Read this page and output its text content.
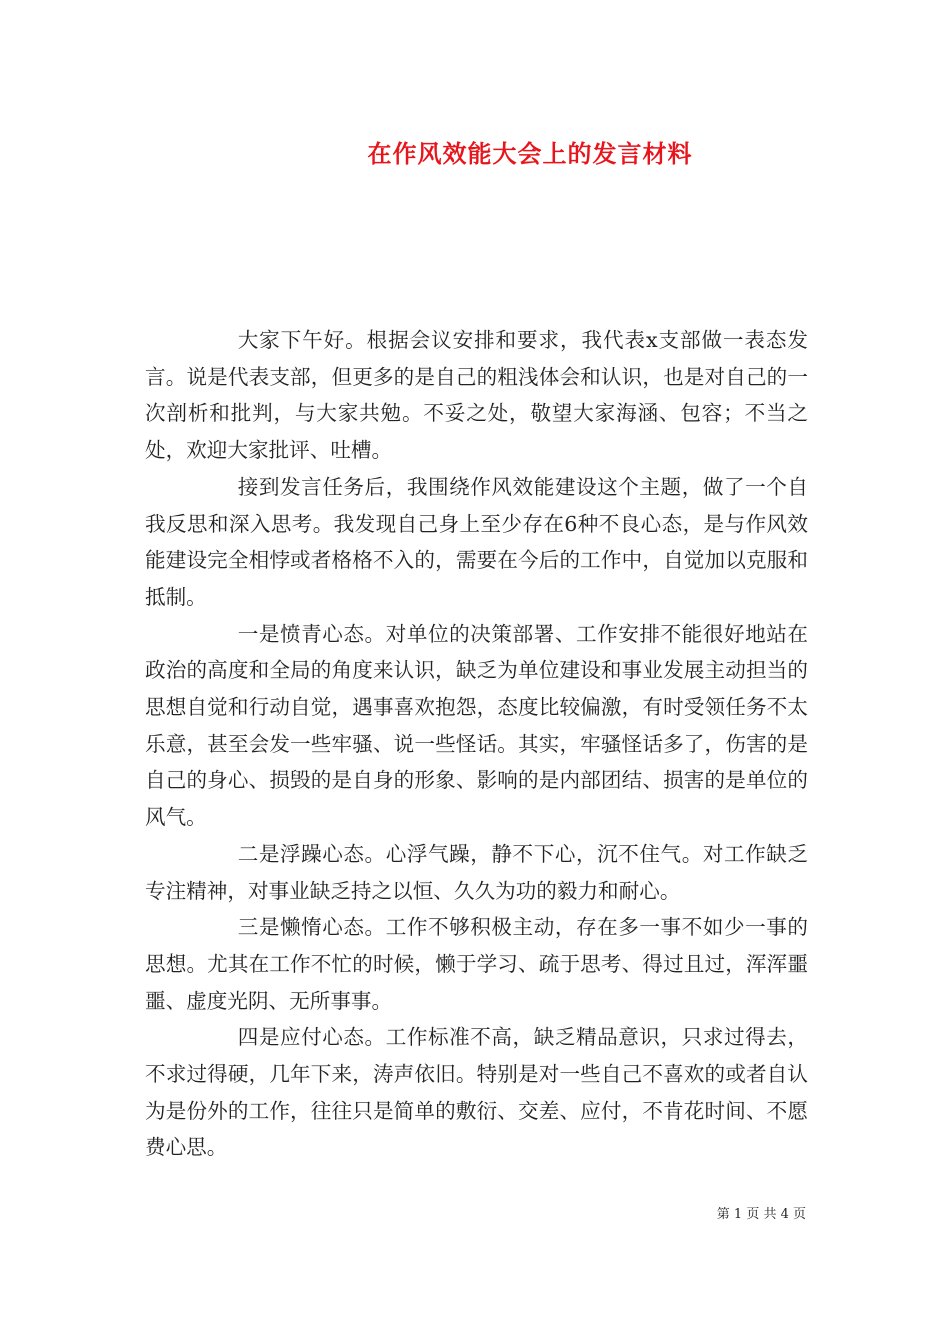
在作风效能大会上的发言材料

大家下午好。根据会议安排和要求，我代表x支部做一表态发言。说是代表支部，但更多的是自己的粗浅体会和认识，也是对自己的一次剖析和批判，与大家共勉。不妥之处，敬望大家海涵、包容；不当之处，欢迎大家批评、吐槽。

接到发言任务后，我围绕作风效能建设这个主题，做了一个自我反思和深入思考。我发现自己身上至少存在6种不良心态，是与作风效能建设完全相悖或者格格不入的，需要在今后的工作中，自觉加以克服和抵制。

一是愤青心态。对单位的决策部署、工作安排不能很好地站在政治的高度和全局的角度来认识，缺乏为单位建设和事业发展主动担当的思想自觉和行动自觉，遇事喜欢抱怨，态度比较偏激，有时受领任务不太乐意，甚至会发一些牢骚、说一些怪话。其实，牢骚怪话多了，伤害的是自己的身心、损毁的是自身的形象、影响的是内部团结、损害的是单位的风气。

二是浮躁心态。心浮气躁，静不下心，沉不住气。对工作缺乏专注精神，对事业缺乏持之以恒、久久为功的毅力和耐心。

三是懒惰心态。工作不够积极主动，存在多一事不如少一事的思想。尤其在工作不忙的时候，懒于学习、疏于思考、得过且过，浑浑噩噩、虚度光阴、无所事事。

四是应付心态。工作标准不高，缺乏精品意识，只求过得去，不求过得硬，几年下来，涛声依旧。特别是对一些自己不喜欢的或者自认为是份外的工作，往往只是简单的敷衍、交差、应付，不肯花时间、不愿费心思。

第 1 页 共 4 页
